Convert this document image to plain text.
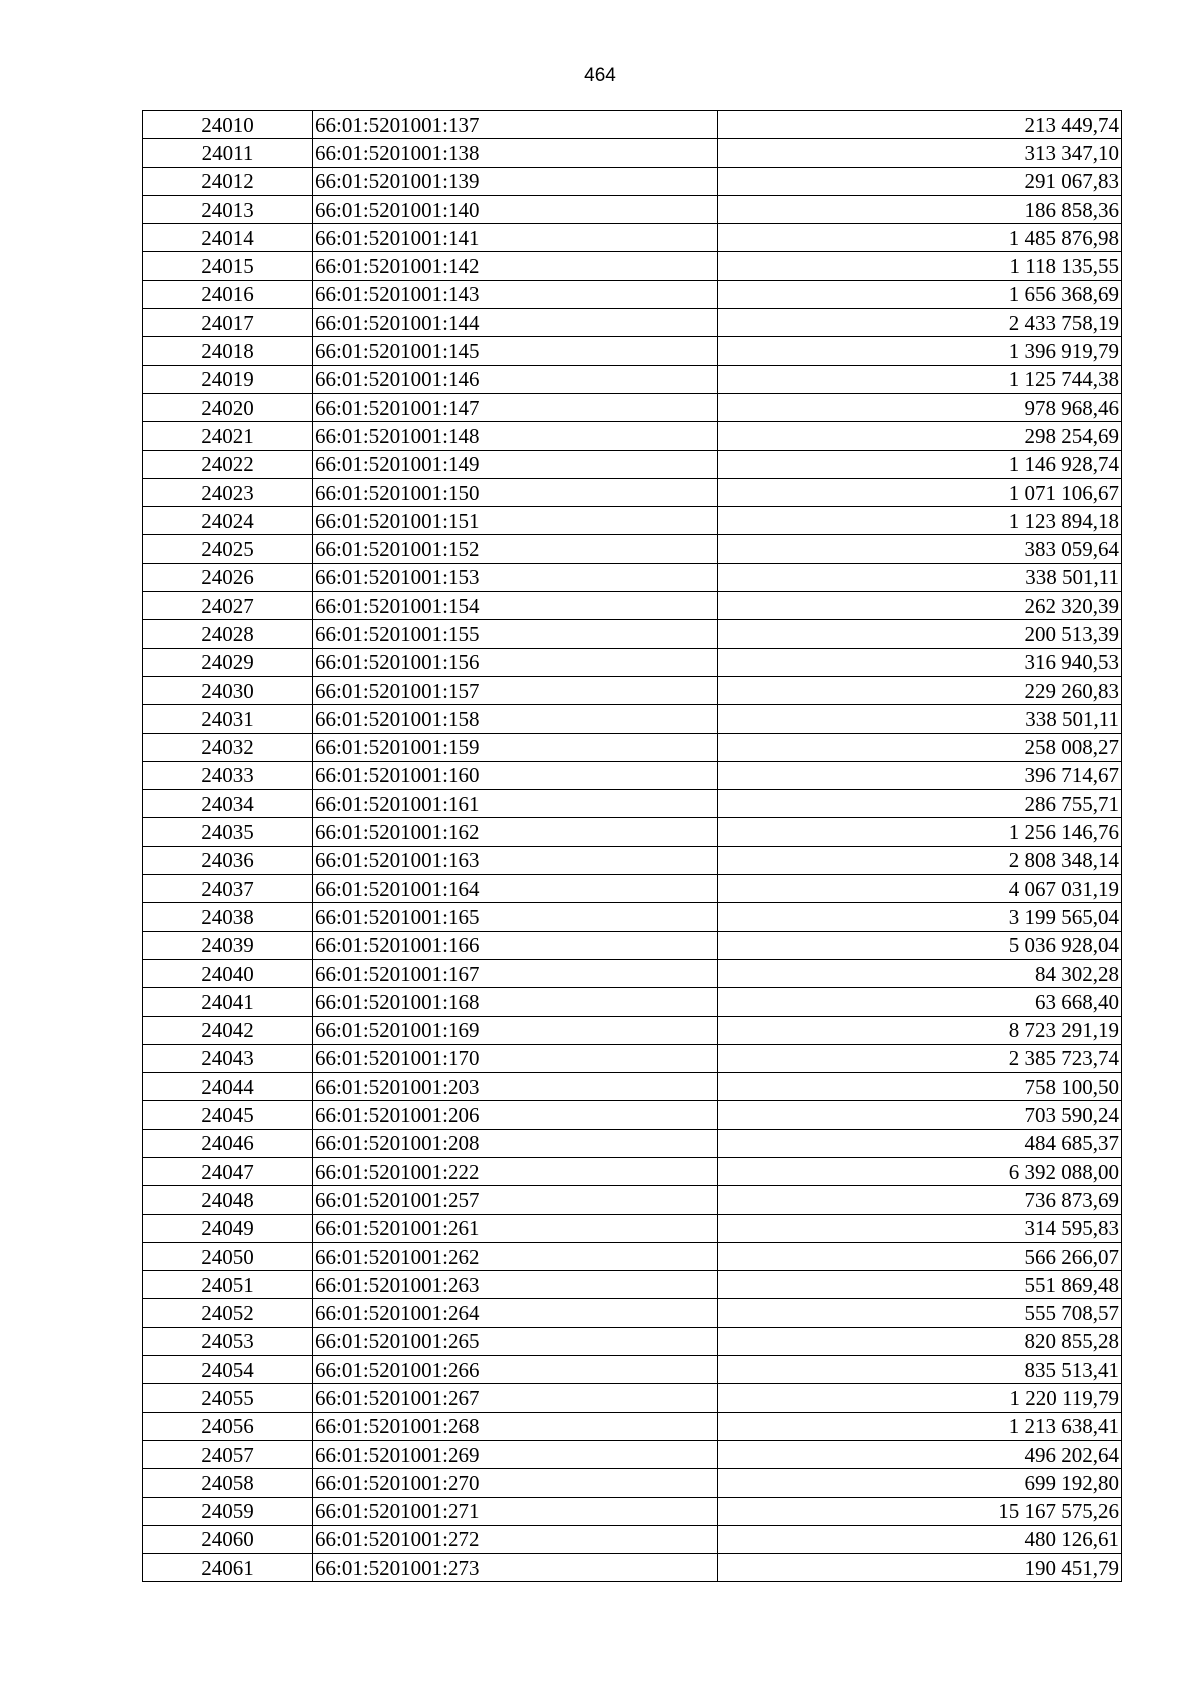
464
24010	66:01:5201001:137	213 449,74
24011	66:01:5201001:138	313 347,10
24012	66:01:5201001:139	291 067,83
24013	66:01:5201001:140	186 858,36
24014	66:01:5201001:141	1 485 876,98
24015	66:01:5201001:142	1 118 135,55
24016	66:01:5201001:143	1 656 368,69
24017	66:01:5201001:144	2 433 758,19
24018	66:01:5201001:145	1 396 919,79
24019	66:01:5201001:146	1 125 744,38
24020	66:01:5201001:147	978 968,46
24021	66:01:5201001:148	298 254,69
24022	66:01:5201001:149	1 146 928,74
24023	66:01:5201001:150	1 071 106,67
24024	66:01:5201001:151	1 123 894,18
24025	66:01:5201001:152	383 059,64
24026	66:01:5201001:153	338 501,11
24027	66:01:5201001:154	262 320,39
24028	66:01:5201001:155	200 513,39
24029	66:01:5201001:156	316 940,53
24030	66:01:5201001:157	229 260,83
24031	66:01:5201001:158	338 501,11
24032	66:01:5201001:159	258 008,27
24033	66:01:5201001:160	396 714,67
24034	66:01:5201001:161	286 755,71
24035	66:01:5201001:162	1 256 146,76
24036	66:01:5201001:163	2 808 348,14
24037	66:01:5201001:164	4 067 031,19
24038	66:01:5201001:165	3 199 565,04
24039	66:01:5201001:166	5 036 928,04
24040	66:01:5201001:167	84 302,28
24041	66:01:5201001:168	63 668,40
24042	66:01:5201001:169	8 723 291,19
24043	66:01:5201001:170	2 385 723,74
24044	66:01:5201001:203	758 100,50
24045	66:01:5201001:206	703 590,24
24046	66:01:5201001:208	484 685,37
24047	66:01:5201001:222	6 392 088,00
24048	66:01:5201001:257	736 873,69
24049	66:01:5201001:261	314 595,83
24050	66:01:5201001:262	566 266,07
24051	66:01:5201001:263	551 869,48
24052	66:01:5201001:264	555 708,57
24053	66:01:5201001:265	820 855,28
24054	66:01:5201001:266	835 513,41
24055	66:01:5201001:267	1 220 119,79
24056	66:01:5201001:268	1 213 638,41
24057	66:01:5201001:269	496 202,64
24058	66:01:5201001:270	699 192,80
24059	66:01:5201001:271	15 167 575,26
24060	66:01:5201001:272	480 126,61
24061	66:01:5201001:273	190 451,79
